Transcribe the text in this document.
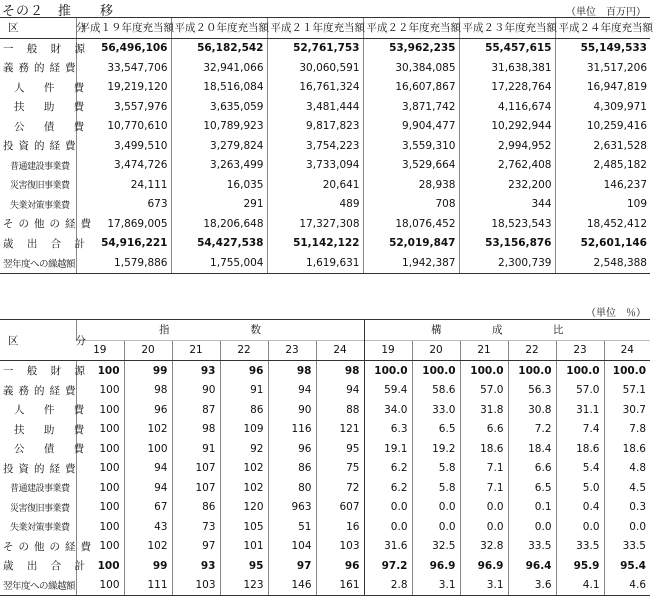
その２　推　　移	（単位　百万円）
区　　分	平成１９年度充当額	平成２０年度充当額	平成２１年度充当額	平成２２年度充当額	平成２３年度充当額	平成２４年度充当額
一 般 財 源	56,496,106	56,182,542	52,761,753	53,962,235	55,457,615	55,149,533
義務的経費	33,547,706	32,941,066	30,060,591	30,384,085	31,638,381	31,517,206
人 件 費	19,219,120	18,516,084	16,761,324	16,607,867	17,228,764	16,947,819
扶 助 費	3,557,976	3,635,059	3,481,444	3,871,742	4,116,674	4,309,971
公 債 費	10,770,610	10,789,923	9,817,823	9,904,477	10,292,944	10,259,416
投資的経費	3,499,510	3,279,824	3,754,223	3,559,310	2,994,952	2,631,528
普通建設事業費	3,474,726	3,263,499	3,733,094	3,529,664	2,762,408	2,485,182
災害復旧事業費	24,111	16,035	20,641	28,938	232,200	146,237
失業対策事業費	673	291	489	708	344	109
その他の経費	17,869,005	18,206,648	17,327,308	18,076,452	18,523,543	18,452,412
歳 出 合 計	54,916,221	54,427,538	51,142,122	52,019,847	53,156,876	52,601,146
翌年度への繰越額	1,579,886	1,755,004	1,619,631	1,942,387	2,300,739	2,548,388
（単位　％）
区　　分	指　　数						構　成　比					
	19	20	21	22	23	24	19	20	21	22	23	24
一 般 財 源	100	99	93	96	98	98	100.0	100.0	100.0	100.0	100.0	100.0
義務的経費	100	98	90	91	94	94	59.4	58.6	57.0	56.3	57.0	57.1
人 件 費	100	96	87	86	90	88	34.0	33.0	31.8	30.8	31.1	30.7
扶 助 費	100	102	98	109	116	121	6.3	6.5	6.6	7.2	7.4	7.8
公 債 費	100	100	91	92	96	95	19.1	19.2	18.6	18.4	18.6	18.6
投資的経費	100	94	107	102	86	75	6.2	5.8	7.1	6.6	5.4	4.8
普通建設事業費	100	94	107	102	80	72	6.2	5.8	7.1	6.5	5.0	4.5
災害復旧事業費	100	67	86	120	963	607	0.0	0.0	0.0	0.1	0.4	0.3
失業対策事業費	100	43	73	105	51	16	0.0	0.0	0.0	0.0	0.0	0.0
その他の経費	100	102	97	101	104	103	31.6	32.5	32.8	33.5	33.5	33.5
歳 出 合 計	100	99	93	95	97	96	97.2	96.9	96.9	96.4	95.9	95.4
翌年度への繰越額	100	111	103	123	146	161	2.8	3.1	3.1	3.6	4.1	4.6
